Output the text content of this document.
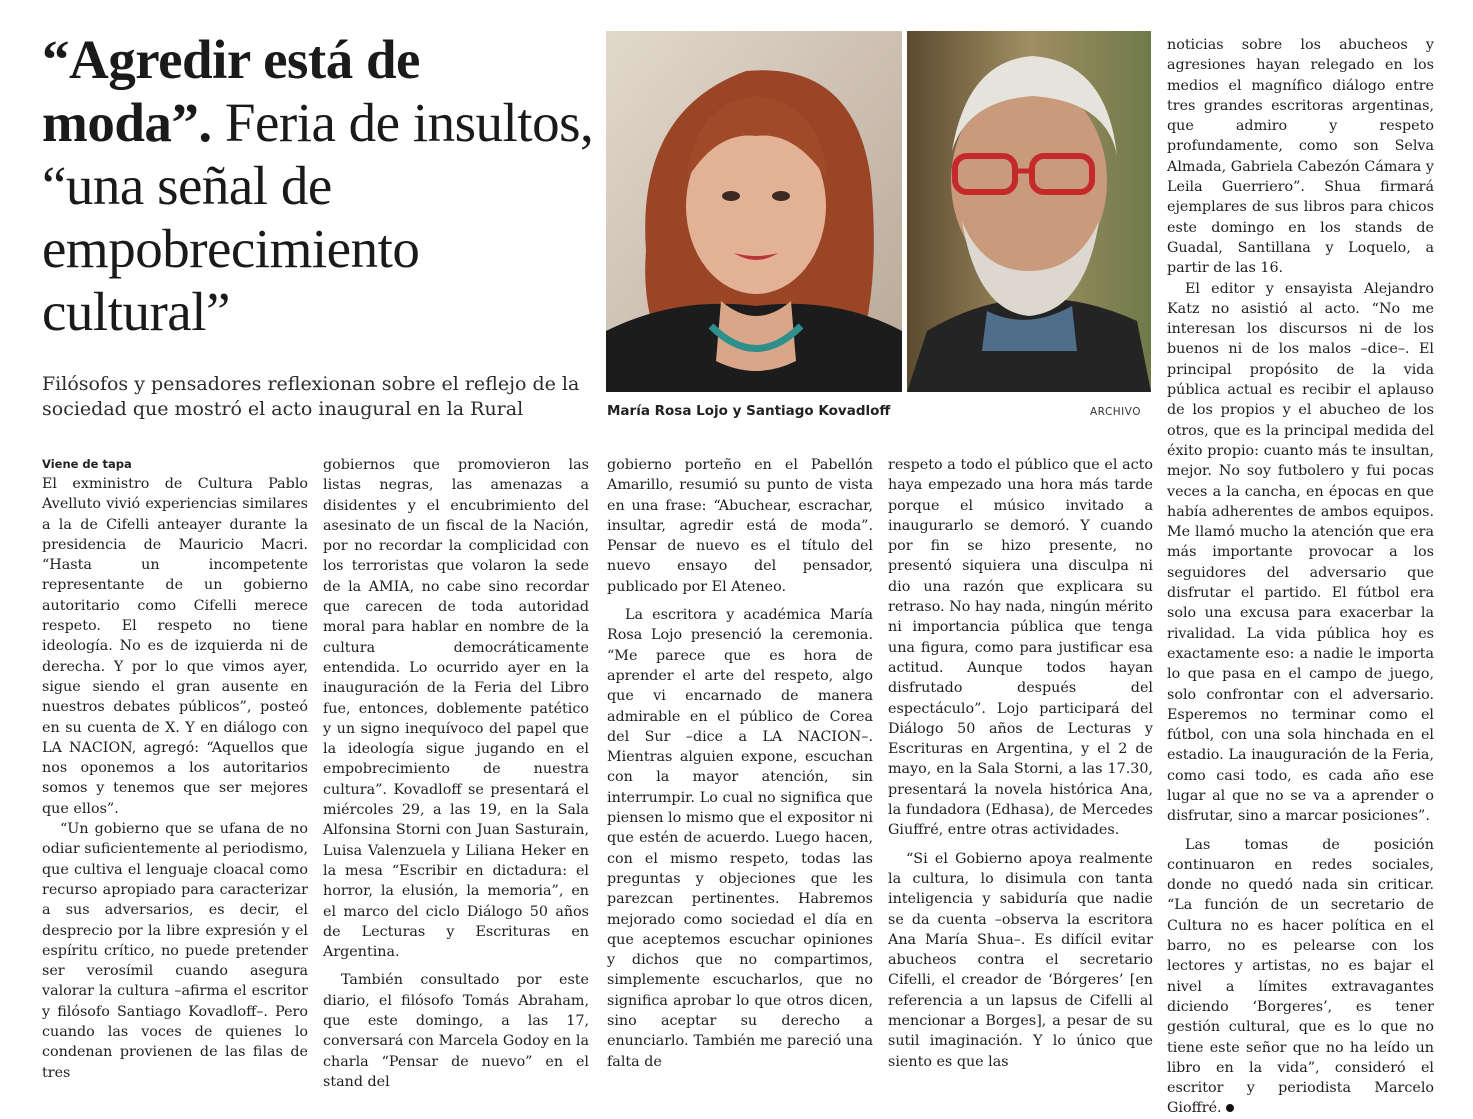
“Agredir está de moda”. Feria de insultos, “una señal de empobrecimiento cultural”

Filósofos y pensadores reflexionan sobre el reflejo de la sociedad que mostró el acto inaugural en la Rural	María Rosa Lojo y Santiago Kovadloff	ARCHIVO
Viene de tapa

El exministro de Cultura Pablo Avelluto vivió experiencias similares a la de Cifelli anteayer durante la presidencia de Mauricio Macri. “Hasta un incompetente representante de un gobierno autoritario como Cifelli merece respeto. El respeto no tiene ideología. No es de izquierda ni de derecha. Y por lo que vimos ayer, sigue siendo el gran ausente en nuestros debates públicos”, posteó en su cuenta de X. Y en diálogo con LA NACION, agregó: “Aquellos que nos oponemos a los autoritarios somos y tenemos que ser mejores que ellos”.

“Un gobierno que se ufana de no odiar suficientemente al periodismo, que cultiva el lenguaje cloacal como recurso apropiado para caracterizar a sus adversarios, es decir, el desprecio por la libre expresión y el espíritu crítico, no puede pretender ser verosímil cuando asegura valorar la cultura –afirma el escritor y filósofo Santiago Kovadloff–. Pero cuando las voces de quienes lo condenan provienen de las filas de tres

gobiernos que promovieron las listas negras, las amenazas a disidentes y el encubrimiento del asesinato de un fiscal de la Nación, por no recordar la complicidad con los terroristas que volaron la sede de la AMIA, no cabe sino recordar que carecen de toda autoridad moral para hablar en nombre de la cultura democráticamente entendida. Lo ocurrido ayer en la inauguración de la Feria del Libro fue, entonces, doblemente patético y un signo inequívoco del papel que la ideología sigue jugando en el empobrecimiento de nuestra cultura”. Kovadloff se presentará el miércoles 29, a las 19, en la Sala Alfonsina Storni con Juan Sasturain, Luisa Valenzuela y Liliana Heker en la mesa “Escribir en dictadura: el horror, la elusión, la memoria”, en el marco del ciclo Diálogo 50 años de Lecturas y Escrituras en Argentina.

También consultado por este diario, el filósofo Tomás Abraham, que este domingo, a las 17, conversará con Marcela Godoy en la charla “Pensar de nuevo” en el stand del

gobierno porteño en el Pabellón Amarillo, resumió su punto de vista en una frase: “Abuchear, escrachar, insultar, agredir está de moda”. Pensar de nuevo es el título del nuevo ensayo del pensador, publicado por El Ateneo.

La escritora y académica María Rosa Lojo presenció la ceremonia. “Me parece que es hora de aprender el arte del respeto, algo que vi encarnado de manera admirable en el público de Corea del Sur –dice a LA NACION–. Mientras alguien expone, escuchan con la mayor atención, sin interrumpir. Lo cual no significa que piensen lo mismo que el expositor ni que estén de acuerdo. Luego hacen, con el mismo respeto, todas las preguntas y objeciones que les parezcan pertinentes. Habremos mejorado como sociedad el día en que aceptemos escuchar opiniones y dichos que no compartimos, simplemente escucharlos, que no significa aprobar lo que otros dicen, sino aceptar su derecho a enunciarlo. También me pareció una falta de

respeto a todo el público que el acto haya empezado una hora más tarde porque el músico invitado a inaugurarlo se demoró. Y cuando por fin se hizo presente, no presentó siquiera una disculpa ni dio una razón que explicara su retraso. No hay nada, ningún mérito ni importancia pública que tenga una figura, como para justificar esa actitud. Aunque todos hayan disfrutado después del espectáculo”. Lojo participará del Diálogo 50 años de Lecturas y Escrituras en Argentina, y el 2 de mayo, en la Sala Storni, a las 17.30, presentará la novela histórica Ana, la fundadora (Edhasa), de Mercedes Giuffré, entre otras actividades.

“Si el Gobierno apoya realmente la cultura, lo disimula con tanta inteligencia y sabiduría que nadie se da cuenta –observa la escritora Ana María Shua–. Es difícil evitar abucheos contra el secretario Cifelli, el creador de ‘Bórgeres’ [en referencia a un lapsus de Cifelli al mencionar a Borges], a pesar de su sutil imaginación. Y lo único que siento es que las

noticias sobre los abucheos y agresiones hayan relegado en los medios el magnífico diálogo entre tres grandes escritoras argentinas, que admiro y respeto profundamente, como son Selva Almada, Gabriela Cabezón Cámara y Leila Guerriero”. Shua firmará ejemplares de sus libros para chicos este domingo en los stands de Guadal, Santillana y Loquelo, a partir de las 16.

El editor y ensayista Alejandro Katz no asistió al acto. “No me interesan los discursos ni de los buenos ni de los malos –dice–. El principal propósito de la vida pública actual es recibir el aplauso de los propios y el abucheo de los otros, que es la principal medida del éxito propio: cuanto más te insultan, mejor. No soy futbolero y fui pocas veces a la cancha, en épocas en que había adherentes de ambos equipos. Me llamó mucho la atención que era más importante provocar a los seguidores del adversario que disfrutar el partido. El fútbol era solo una excusa para exacerbar la rivalidad. La vida pública hoy es exactamente eso: a nadie le importa lo que pasa en el campo de juego, solo confrontar con el adversario. Esperemos no terminar como el fútbol, con una sola hinchada en el estadio. La inauguración de la Feria, como casi todo, es cada año ese lugar al que no se va a aprender o disfrutar, sino a marcar posiciones”.

Las tomas de posición continuaron en redes sociales, donde no quedó nada sin criticar. “La función de un secretario de Cultura no es hacer política en el barro, no es pelearse con los lectores y artistas, no es bajar el nivel a límites extravagantes diciendo ‘Borgeres’, es tener gestión cultural, que es lo que no tiene este señor que no ha leído un libro en la vida”, consideró el escritor y periodista Marcelo Gioffré.
